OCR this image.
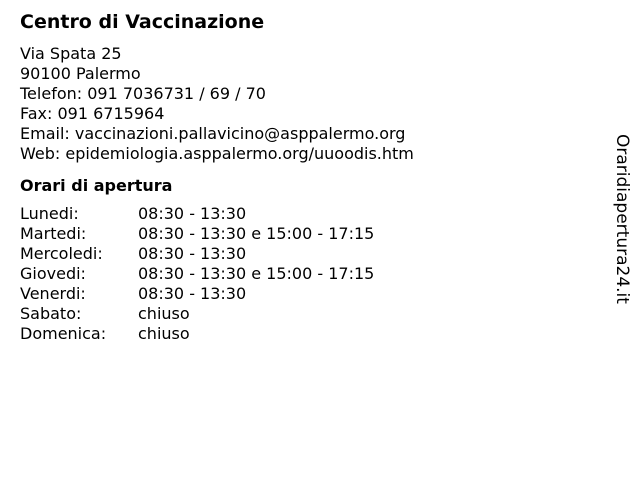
Centro di Vaccinazione
Via Spata 25
90100 Palermo
Telefon: 091 7036731 / 69 / 70
Fax: 091 6715964
Email: vaccinazioni.pallavicino@asppalermo.org
Web: epidemiologia.asppalermo.org/uuoodis.htm
Orari di apertura
Lunedi:	08:30 - 13:30
Martedi:	08:30 - 13:30 e 15:00 - 17:15
Mercoledi: 08:30 - 13:30
Giovedi:	08:30 - 13:30 e 15:00 - 17:15
Venerdi:	08:30 - 13:30
Sabato:	chiuso
Domenica: chiuso
Oraridiapertura24.it
